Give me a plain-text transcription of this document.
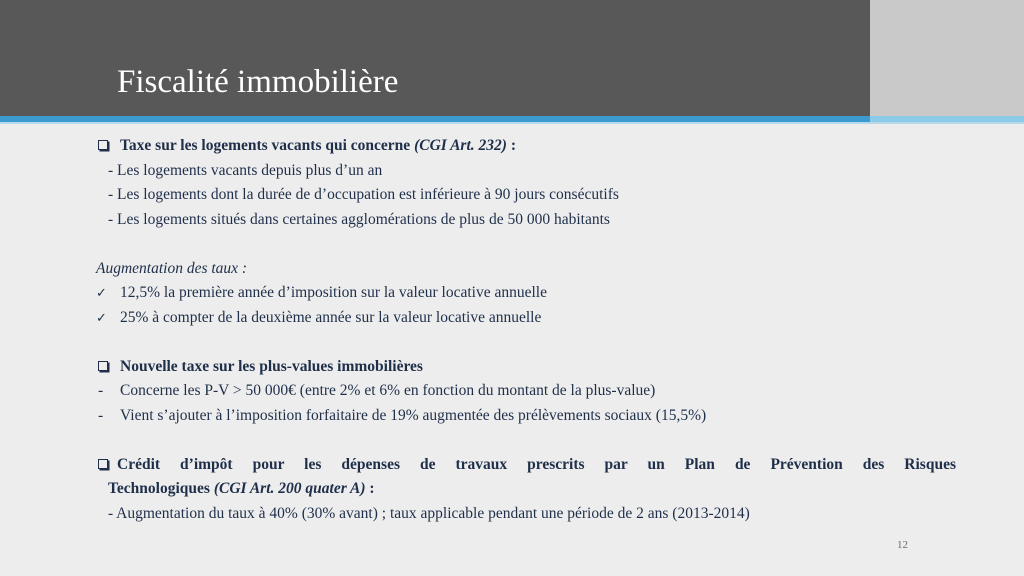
Fiscalité immobilière
Taxe sur les logements vacants qui concerne (CGI Art. 232) :
- Les logements vacants depuis plus d’un an
- Les logements dont la durée de d’occupation est inférieure à 90 jours consécutifs
- Les logements situés dans certaines agglomérations de plus de 50 000 habitants
Augmentation des taux :
✓ 12,5% la première année d’imposition sur la valeur locative annuelle
✓ 25% à compter de la deuxième année sur la valeur locative annuelle
Nouvelle taxe sur les plus-values immobilières
-	Concerne les P-V > 50 000€ (entre 2% et 6% en fonction du montant de la plus-value)
-	Vient s’ajouter à l’imposition forfaitaire de 19% augmentée des prélèvements sociaux (15,5%)
Crédit d’impôt pour les dépenses de travaux prescrits par un Plan de Prévention des Risques
Technologiques (CGI Art. 200 quater A) :
- Augmentation du taux à 40% (30% avant) ; taux applicable pendant une période de 2 ans (2013-2014)
12
